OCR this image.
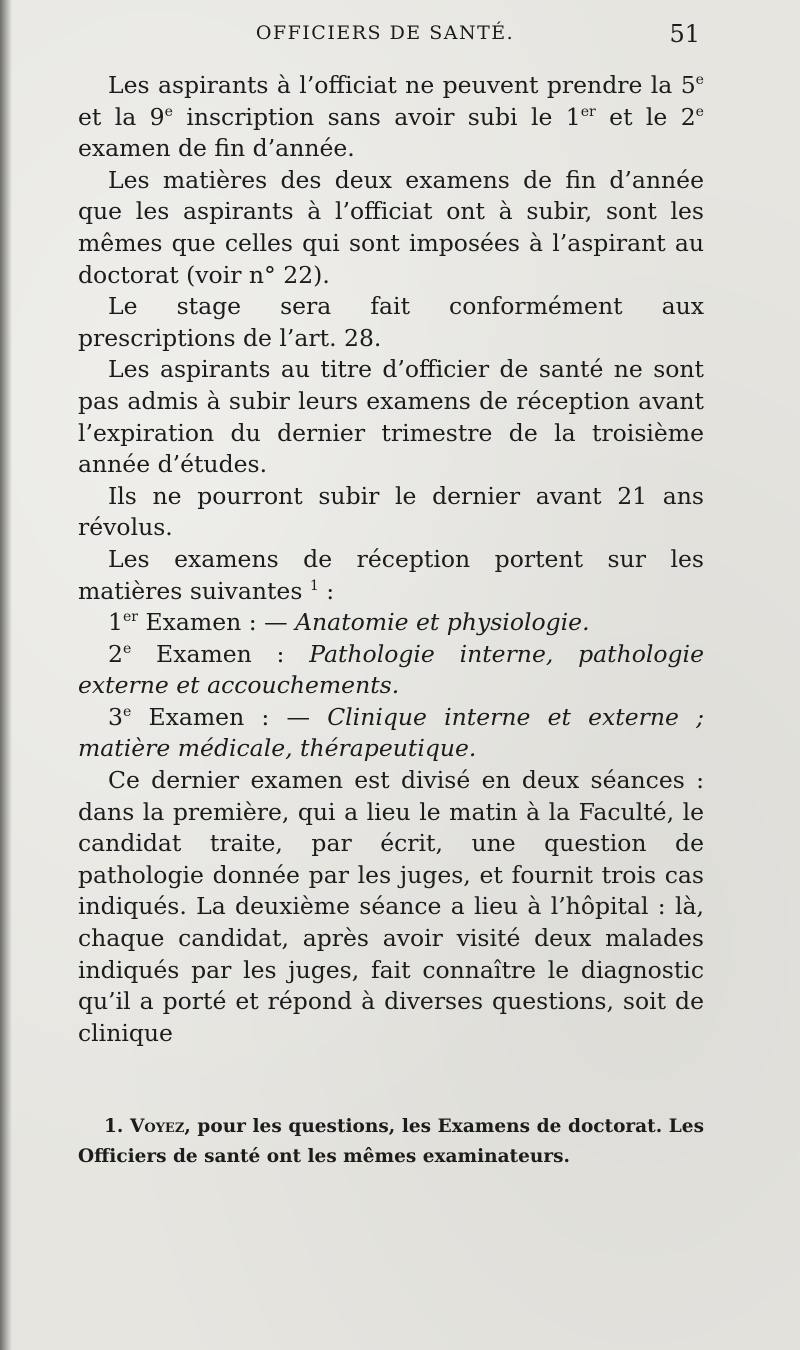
OFFICIERS DE SANTÉ.	51

Les aspirants à l’officiat ne peuvent prendre la 5e et la 9e inscription sans avoir subi le 1er et le 2e examen de fin d’année.

Les matières des deux examens de fin d’année que les aspirants à l’officiat ont à subir, sont les mêmes que celles qui sont imposées à l’aspirant au doctorat (voir n° 22).

Le stage sera fait conformément aux prescriptions de l’art. 28.

Les aspirants au titre d’officier de santé ne sont pas admis à subir leurs examens de réception avant l’expiration du dernier trimestre de la troisième année d’études.

Ils ne pourront subir le dernier avant 21 ans révolus.

Les examens de réception portent sur les matières suivantes $^1$ :

1er Examen : — Anatomie et physiologie.

2e Examen : Pathologie interne, pathologie externe et accouchements.

3e Examen : — Clinique interne et externe ; matière médicale, thérapeutique.

Ce dernier examen est divisé en deux séances : dans la première, qui a lieu le matin à la Faculté, le candidat traite, par écrit, une question de pathologie donnée par les juges, et fournit trois cas indiqués. La deuxième séance a lieu à l’hôpital : là, chaque candidat, après avoir visité deux malades indiqués par les juges, fait connaître le diagnostic qu’il a porté et répond à diverses questions, soit de clinique

1. Voyez, pour les questions, les Examens de doctorat. Les Officiers de santé ont les mêmes examinateurs.
